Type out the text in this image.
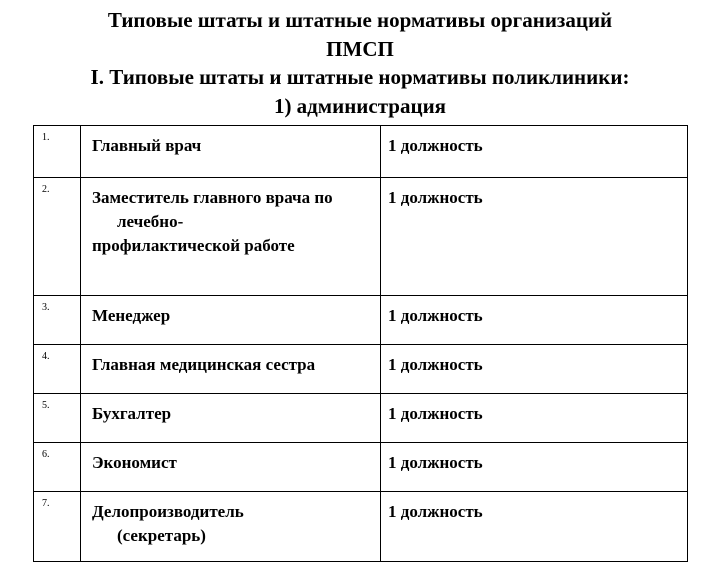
Типовые штаты и штатные нормативы организаций
ПМСП
I. Типовые штаты и штатные нормативы поликлиники:
1) администрация
1.	Главный врач	1 должность
2.	Заместитель главного врача по
лечебно-
профилактической работе	1 должность
3.	Менеджер	1 должность
4.	Главная медицинская сестра	1 должность
5.	Бухгалтер	1 должность
6.	Экономист	1 должность
7.	Делопроизводитель
(секретарь)	1 должность
